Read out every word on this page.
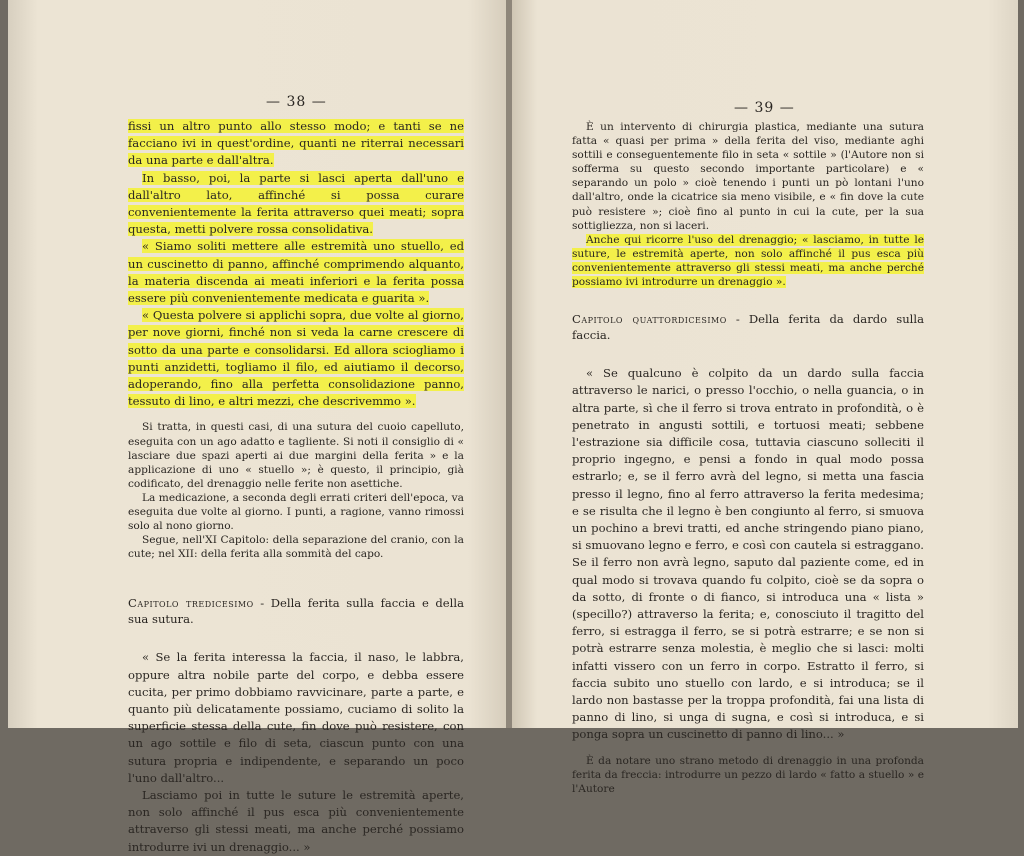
— 38 —

fissi un altro punto allo stesso modo; e tanti se ne facciano ivi in quest'ordine, quanti ne riterrai necessari da una parte e dall'altra.

In basso, poi, la parte si lasci aperta dall'uno e dall'altro lato, affinché si possa curare convenientemente la ferita attraverso quei meati; sopra questa, metti polvere rossa consolidativa.

« Siamo soliti mettere alle estremità uno stuello, ed un cuscinetto di panno, affinché comprimendo alquanto, la materia discenda ai meati inferiori e la ferita possa essere più convenientemente medicata e guarita ».

« Questa polvere si applichi sopra, due volte al giorno, per nove giorni, finché non si veda la carne crescere di sotto da una parte e consolidarsi. Ed allora sciogliamo i punti anzidetti, togliamo il filo, ed aiutiamo il decorso, adoperando, fino alla perfetta consolidazione panno, tessuto di lino, e altri mezzi, che descrivemmo ».

Si tratta, in questi casi, di una sutura del cuoio capelluto, eseguita con un ago adatto e tagliente. Si noti il consiglio di « lasciare due spazi aperti ai due margini della ferita » e la applicazione di uno « stuello »; è questo, il principio, già codificato, del drenaggio nelle ferite non asettiche.

La medicazione, a seconda degli errati criteri dell'epoca, va eseguita due volte al giorno. I punti, a ragione, vanno rimossi solo al nono giorno.

Segue, nell'XI Capitolo: della separazione del cranio, con la cute; nel XII: della ferita alla sommità del capo.

Capitolo tredicesimo - Della ferita sulla faccia e della sua sutura.

« Se la ferita interessa la faccia, il naso, le labbra, oppure altra nobile parte del corpo, e debba essere cucita, per primo dobbiamo ravvicinare, parte a parte, e quanto più delicatamente possiamo, cuciamo di solito la superficie stessa della cute, fin dove può resistere, con un ago sottile e filo di seta, ciascun punto con una sutura propria e indipendente, e separando un poco l'uno dall'altro...

Lasciamo poi in tutte le suture le estremità aperte, non solo affinché il pus esca più convenientemente attraverso gli stessi meati, ma anche perché possiamo introdurre ivi un drenaggio... »

— 39 —

È un intervento di chirurgia plastica, mediante una sutura fatta « quasi per prima » della ferita del viso, mediante aghi sottili e conseguentemente filo in seta « sottile » (l'Autore non si sofferma su questo secondo importante particolare) e « separando un polo » cioè tenendo i punti un pò lontani l'uno dall'altro, onde la cicatrice sia meno visibile, e « fin dove la cute può resistere »; cioè fino al punto in cui la cute, per la sua sottigliezza, non si laceri.

Anche qui ricorre l'uso del drenaggio; « lasciamo, in tutte le suture, le estremità aperte, non solo affinché il pus esca più convenientemente attraverso gli stessi meati, ma anche perché possiamo ivi introdurre un drenaggio ».

Capitolo quattordicesimo - Della ferita da dardo sulla faccia.

« Se qualcuno è colpito da un dardo sulla faccia attraverso le narici, o presso l'occhio, o nella guancia, o in altra parte, sì che il ferro si trova entrato in profondità, o è penetrato in angusti sottili, e tortuosi meati; sebbene l'estrazione sia difficile cosa, tuttavia ciascuno solleciti il proprio ingegno, e pensi a fondo in qual modo possa estrarlo; e, se il ferro avrà del legno, si metta una fascia presso il legno, fino al ferro attraverso la ferita medesima; e se risulta che il legno è ben congiunto al ferro, si smuova un pochino a brevi tratti, ed anche stringendo piano piano, si smuovano legno e ferro, e così con cautela si estraggano. Se il ferro non avrà legno, saputo dal paziente come, ed in qual modo si trovava quando fu colpito, cioè se da sopra o da sotto, di fronte o di fianco, si introduca una « lista » (specillo?) attraverso la ferita; e, conosciuto il tragitto del ferro, si estragga il ferro, se si potrà estrarre; e se non si potrà estrarre senza molestia, è meglio che si lasci: molti infatti vissero con un ferro in corpo. Estratto il ferro, si faccia subito uno stuello con lardo, e si introduca; se il lardo non bastasse per la troppa profondità, fai una lista di panno di lino, si unga di sugna, e così si introduca, e si ponga sopra un cuscinetto di panno di lino... »

È da notare uno strano metodo di drenaggio in una profonda ferita da freccia: introdurre un pezzo di lardo « fatto a stuello » e l'Autore
